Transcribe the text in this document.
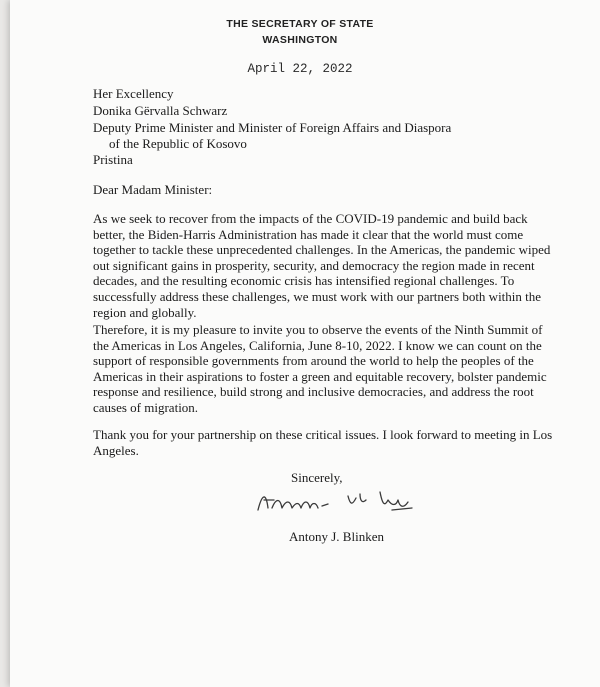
THE SECRETARY OF STATE
WASHINGTON
April 22, 2022
Her Excellency
Donika Gërvalla Schwarz
Deputy Prime Minister and Minister of Foreign Affairs and Diaspora
of the Republic of Kosovo
Pristina
Dear Madam Minister:
As we seek to recover from the impacts of the COVID-19 pandemic and build back better, the Biden-Harris Administration has made it clear that the world must come together to tackle these unprecedented challenges. In the Americas, the pandemic wiped out significant gains in prosperity, security, and democracy the region made in recent decades, and the resulting economic crisis has intensified regional challenges. To successfully address these challenges, we must work with our partners both within the region and globally.
Therefore, it is my pleasure to invite you to observe the events of the Ninth Summit of the Americas in Los Angeles, California, June 8-10, 2022. I know we can count on the support of responsible governments from around the world to help the peoples of the Americas in their aspirations to foster a green and equitable recovery, bolster pandemic response and resilience, build strong and inclusive democracies, and address the root causes of migration.
Thank you for your partnership on these critical issues. I look forward to meeting in Los Angeles.
Sincerely,
Antony J. Blinken
